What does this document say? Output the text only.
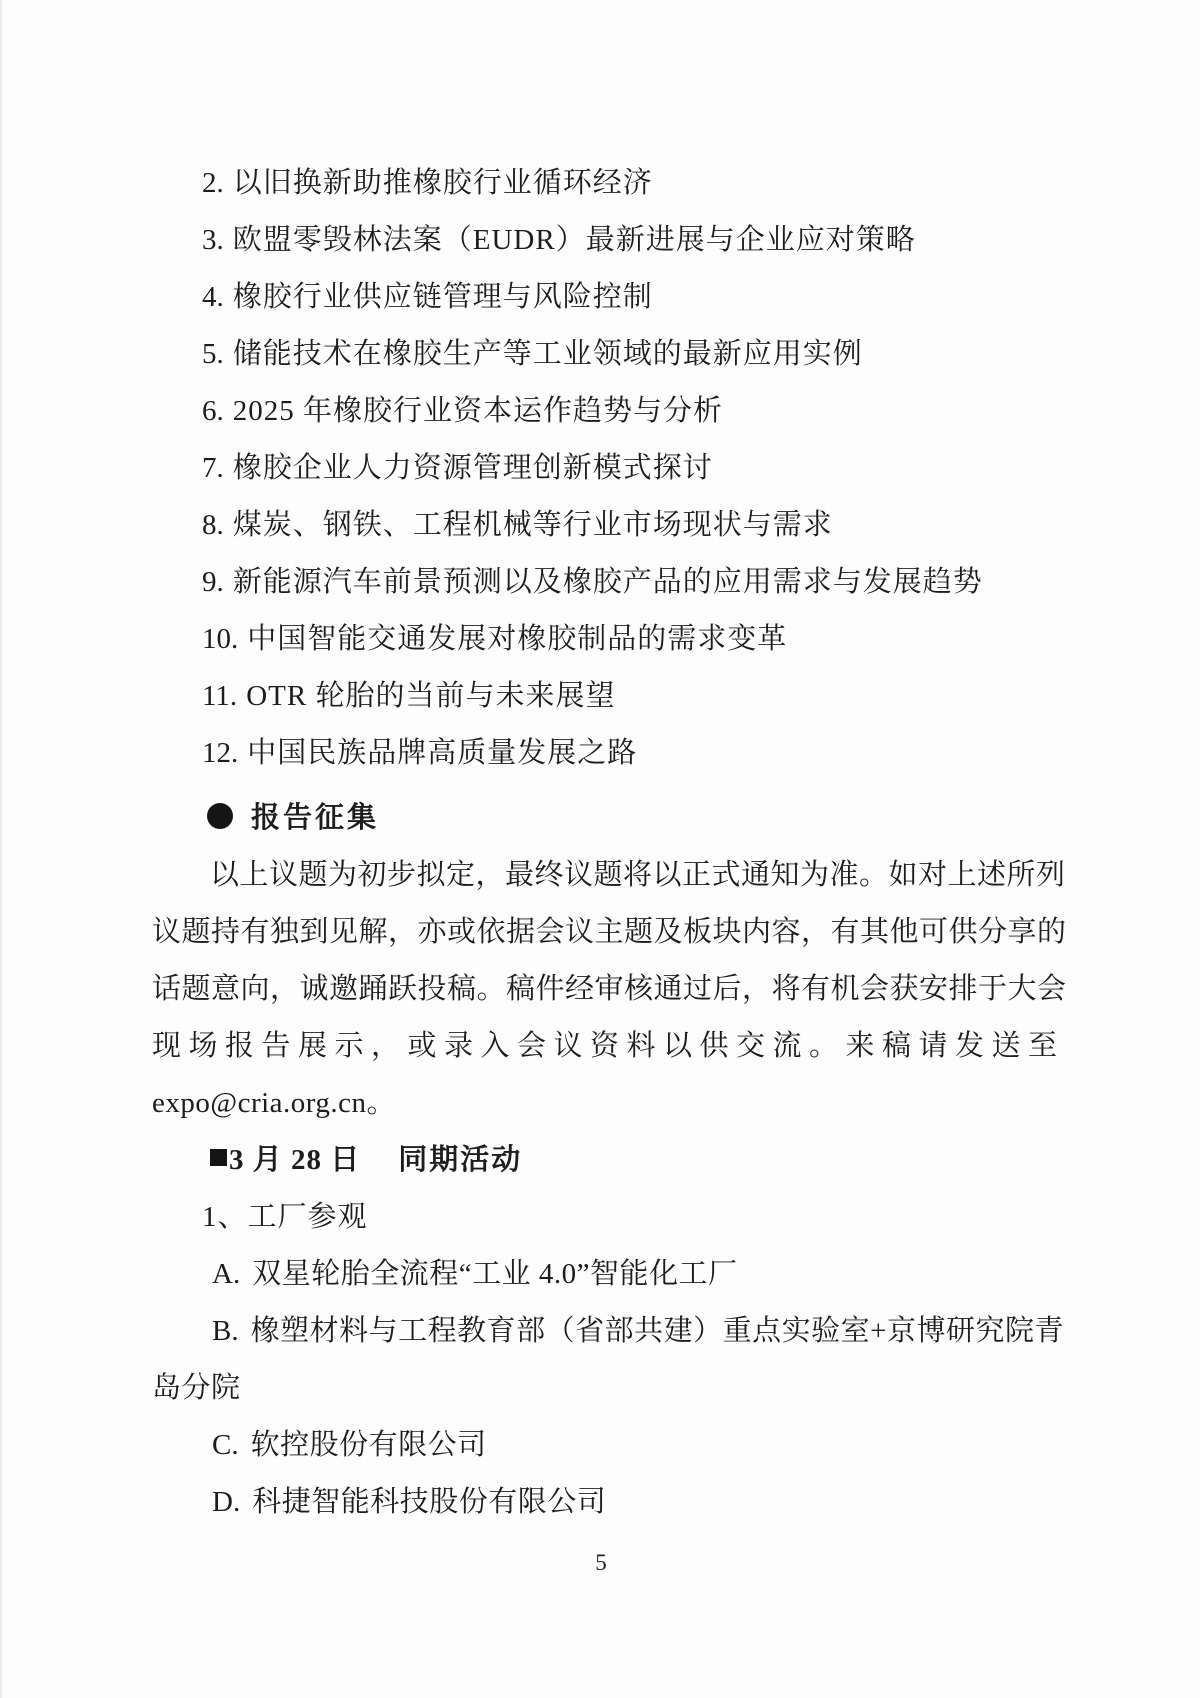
2. 以旧换新助推橡胶行业循环经济
3. 欧盟零毁林法案（EUDR）最新进展与企业应对策略
4. 橡胶行业供应链管理与风险控制
5. 储能技术在橡胶生产等工业领域的最新应用实例
6. 2025 年橡胶行业资本运作趋势与分析
7. 橡胶企业人力资源管理创新模式探讨
8. 煤炭、钢铁、工程机械等行业市场现状与需求
9. 新能源汽车前景预测以及橡胶产品的应用需求与发展趋势
10. 中国智能交通发展对橡胶制品的需求变革
11. OTR 轮胎的当前与未来展望
12. 中国民族品牌高质量发展之路
报告征集
以上议题为初步拟定，最终议题将以正式通知为准。如对上述所列
议题持有独到见解，亦或依据会议主题及板块内容，有其他可供分享的
话题意向，诚邀踊跃投稿。稿件经审核通过后，将有机会获安排于大会
现场报告展示，或录入会议资料以供交流。来稿请发送至
expo@cria.org.cn。
3 月 28 日 同期活动
1、工厂参观
A. 双星轮胎全流程“工业 4.0”智能化工厂
B. 橡塑材料与工程教育部（省部共建）重点实验室+京博研究院青
岛分院
C. 软控股份有限公司
D. 科捷智能科技股份有限公司
5
